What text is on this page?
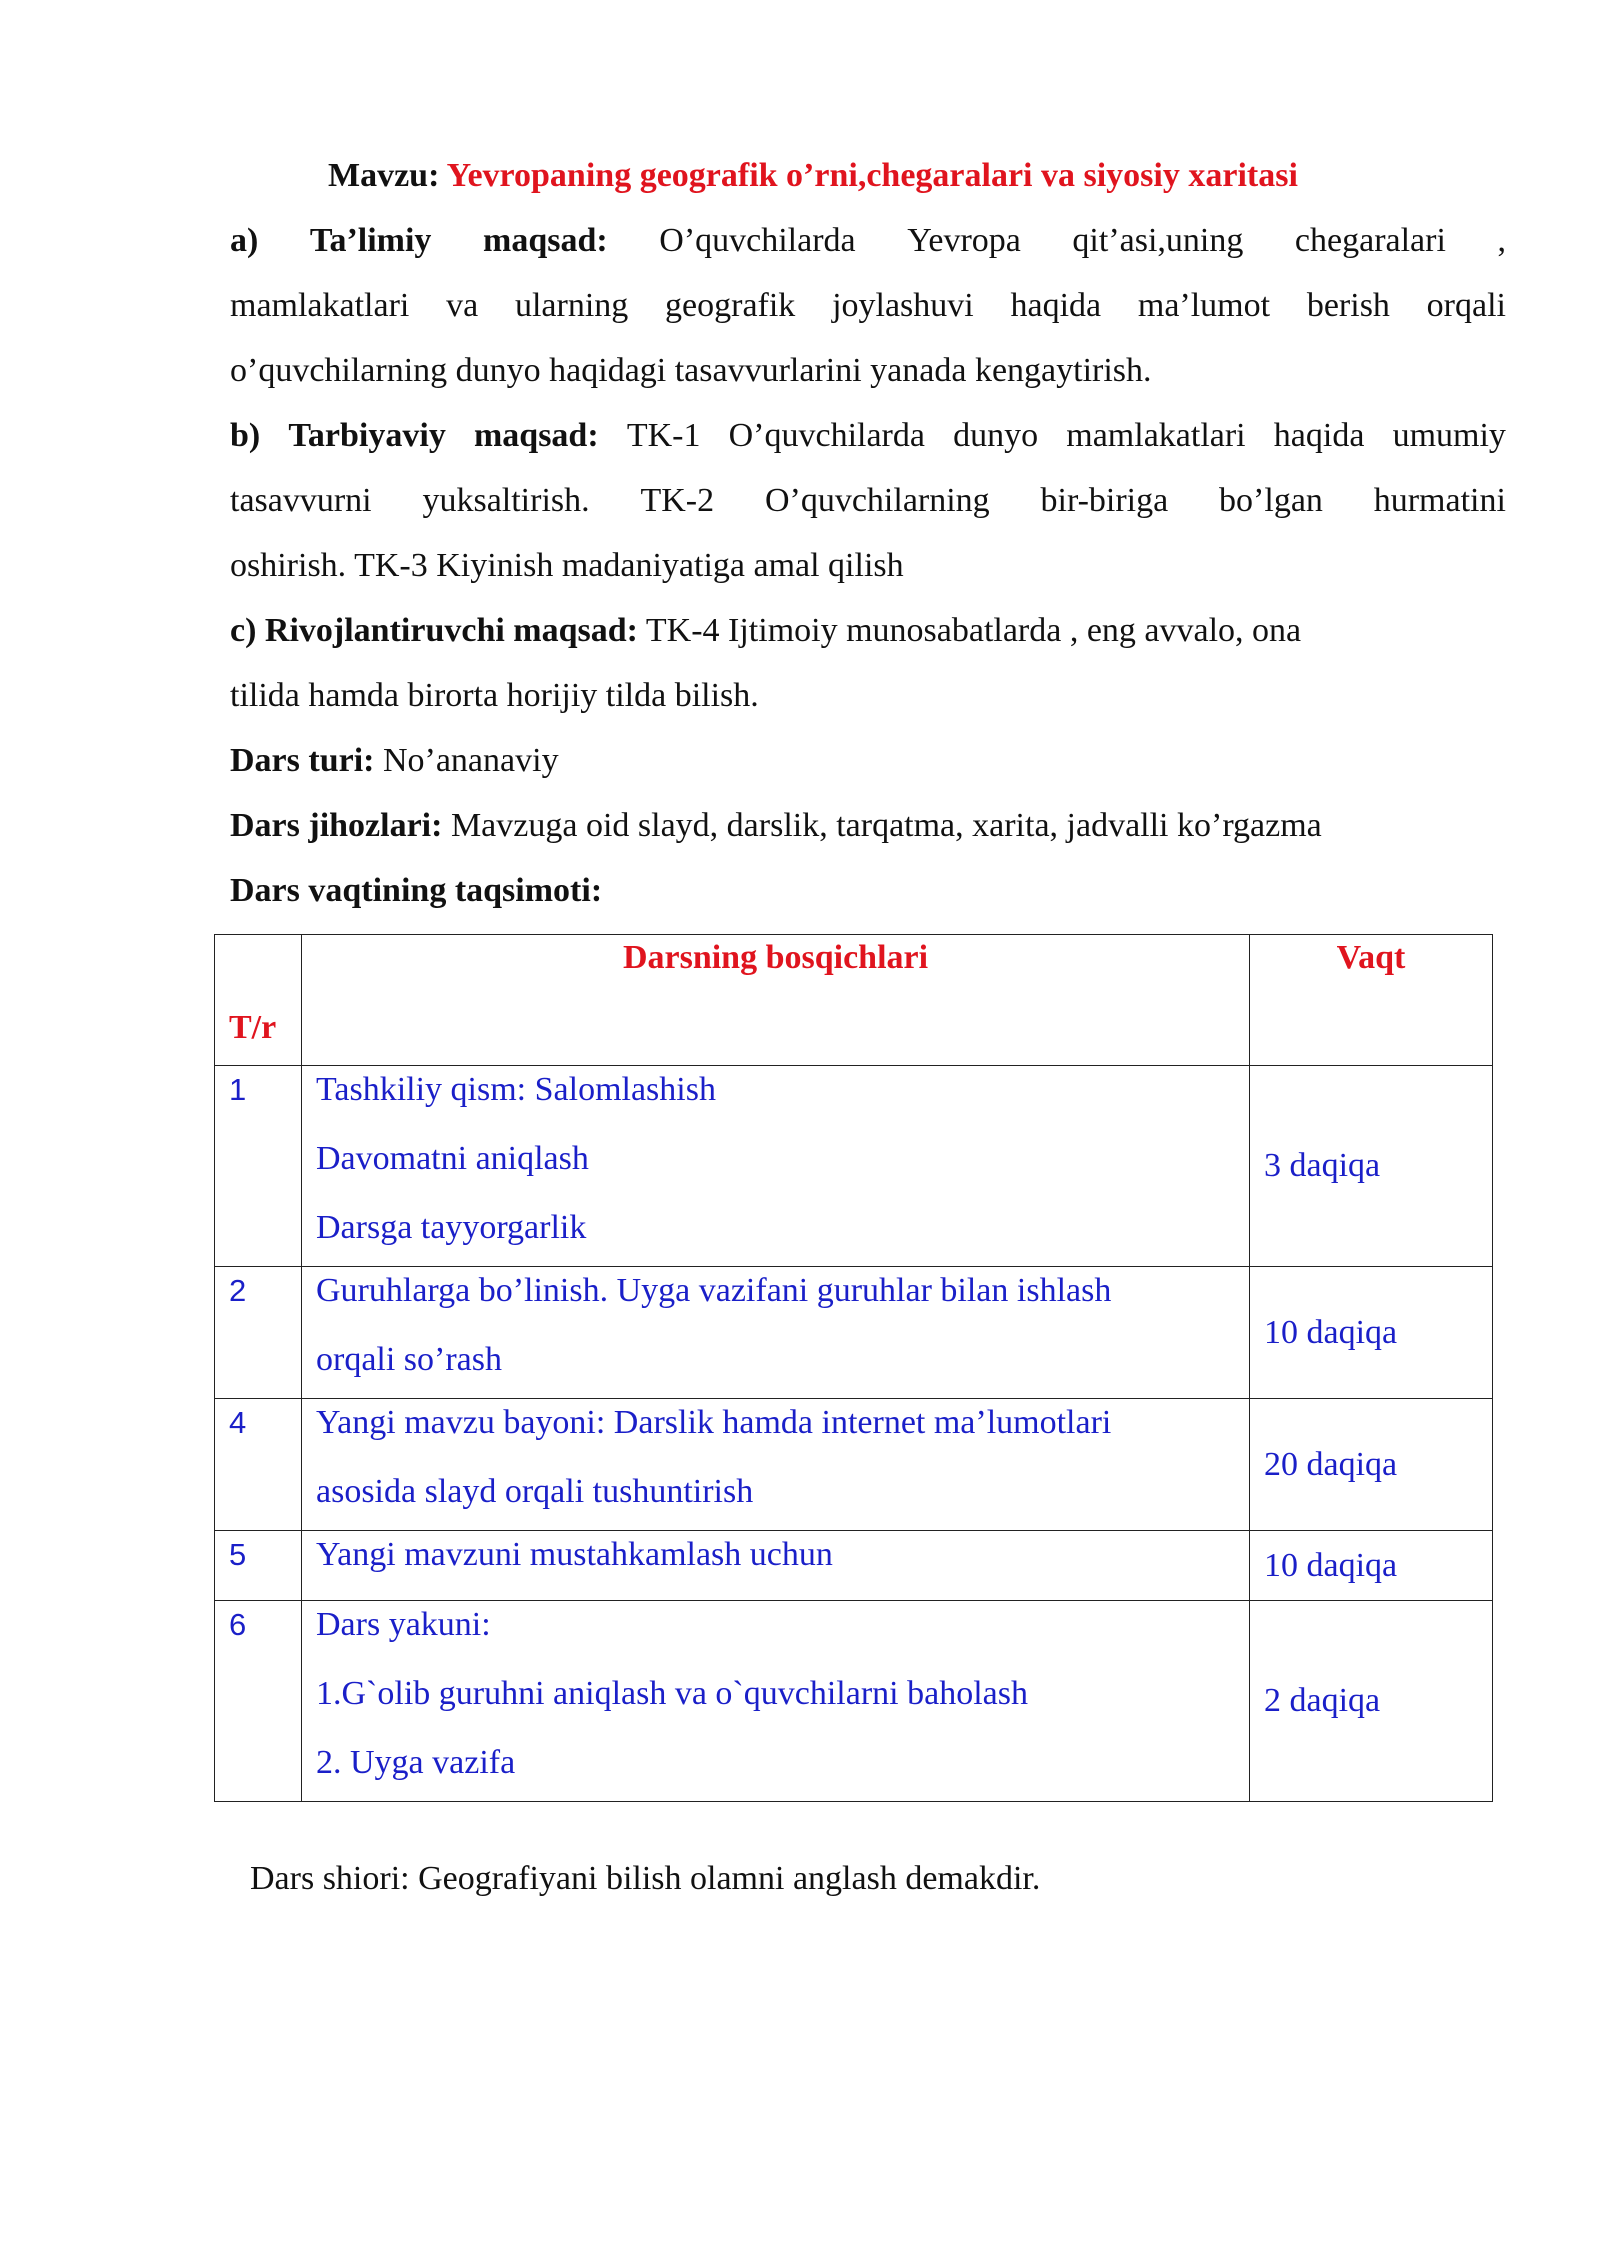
Mavzu: Yevropaning geografik o’rni,chegaralari va siyosiy xaritasi
a) Ta’limiy maqsad: O’quvchilarda Yevropa qit’asi,uning chegaralari ,
mamlakatlari va ularning geografik joylashuvi haqida ma’lumot berish orqali
o’quvchilarning dunyo haqidagi tasavvurlarini yanada kengaytirish.
b) Tarbiyaviy maqsad: TK-1 O’quvchilarda dunyo mamlakatlari haqida umumiy
tasavvurni yuksaltirish. TK-2 O’quvchilarning bir-biriga bo’lgan hurmatini
oshirish. TK-3 Kiyinish madaniyatiga amal qilish
c) Rivojlantiruvchi maqsad: TK-4 Ijtimoiy munosabatlarda , eng avvalo, ona
tilida hamda birorta horijiy tilda bilish.
Dars turi: No’ananaviy
Dars jihozlari: Mavzuga oid slayd, darslik, tarqatma, xarita, jadvalli ko’rgazma
Dars vaqtining taqsimoti:
T/r	Darsning bosqichlari	Vaqt

1	Tashkiliy qism: Salomlashish
Davomatni aniqlash
Darsga tayyorgarlik	3 daqiqa

2	Guruhlarga bo’linish. Uyga vazifani guruhlar bilan ishlash
orqali so’rash	10 daqiqa

4	Yangi mavzu bayoni: Darslik hamda internet ma’lumotlari
asosida slayd orqali tushuntirish	20 daqiqa

5	Yangi mavzuni mustahkamlash uchun	10 daqiqa

6	Dars yakuni:
1.G`olib guruhni aniqlash va o`quvchilarni baholash
2. Uyga vazifa	2 daqiqa
Dars shiori: Geografiyani bilish olamni anglash demakdir.
